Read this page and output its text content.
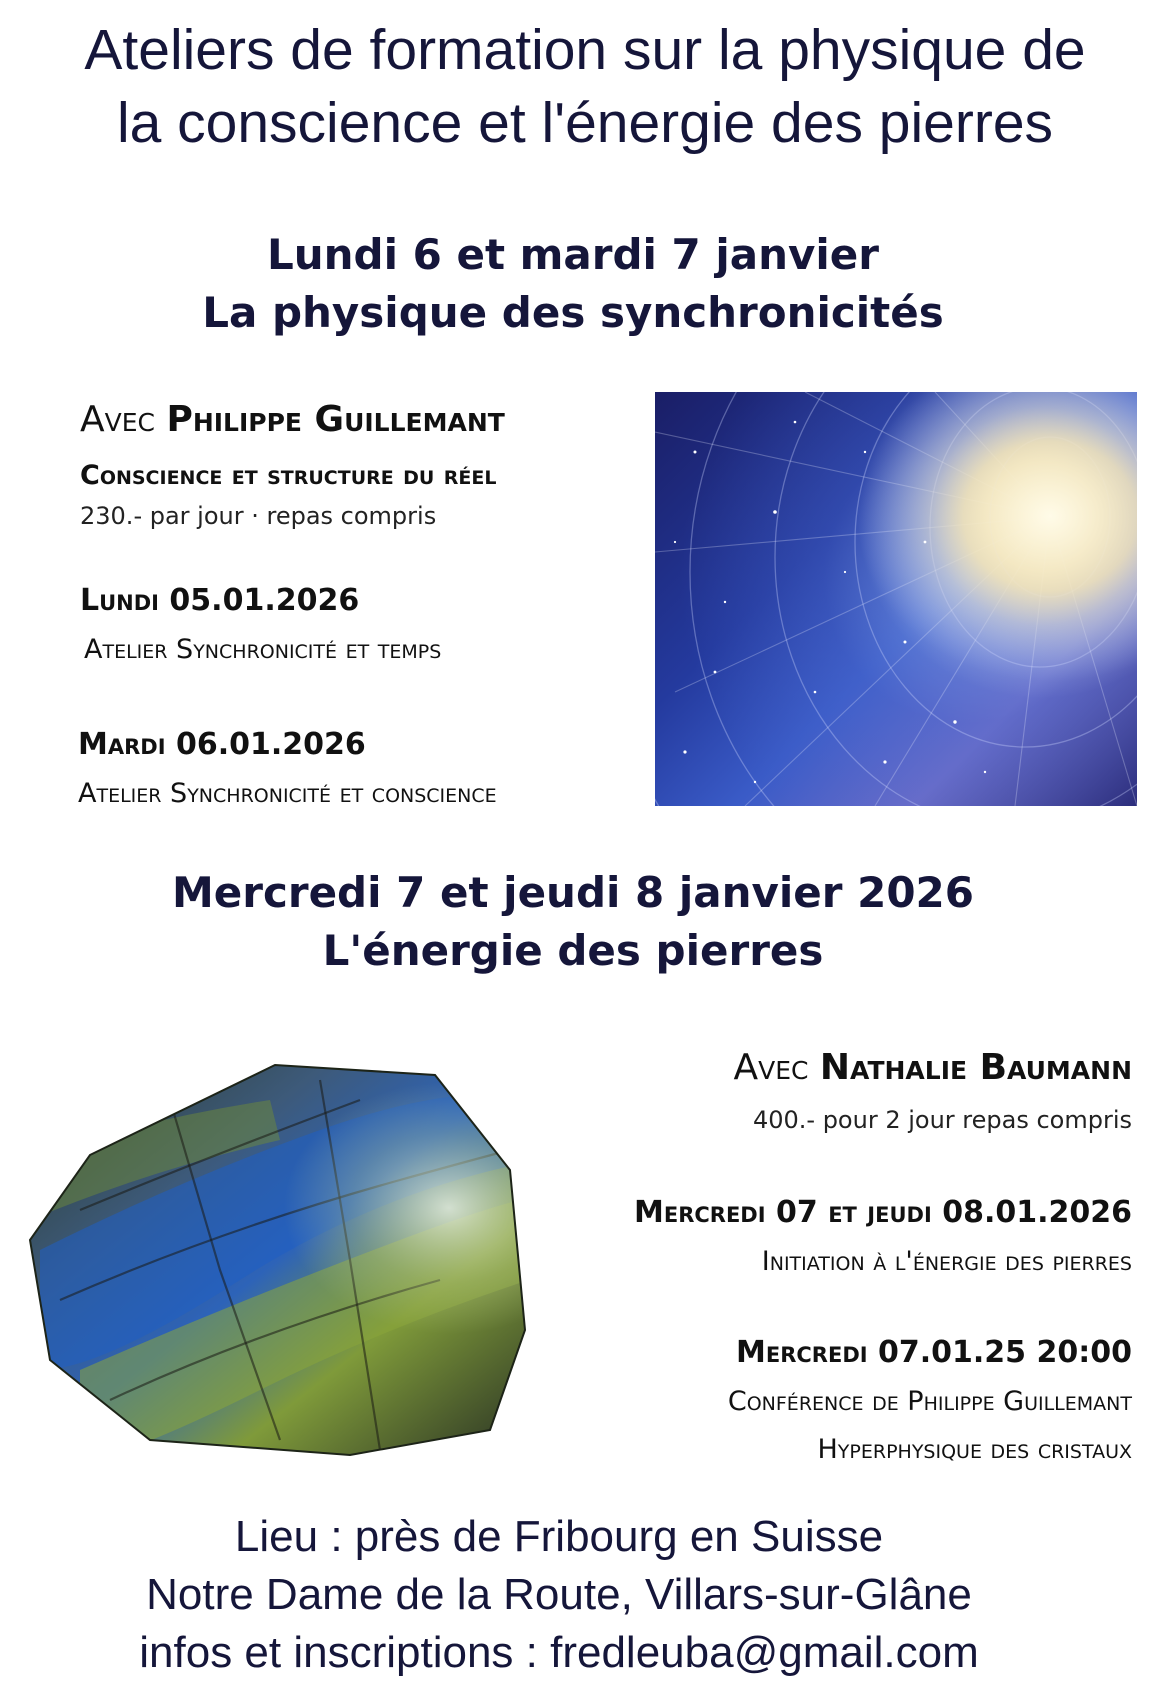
Ateliers de formation sur la physique de
la conscience et l'énergie des pierres
Lundi 6 et mardi 7 janvier
La physique des synchronicités
Avec Philippe Guillemant
Conscience et structure du réel
230.- par jour · repas compris
Lundi 05.01.2026
Atelier Synchronicité et temps
Mardi 06.01.2026
Atelier Synchronicité et conscience
Mercredi 7 et jeudi 8 janvier 2026
L'énergie des pierres
Avec Nathalie Baumann
400.- pour 2 jour repas compris
Mercredi 07 et jeudi 08.01.2026
Initiation à l'énergie des pierres
Mercredi 07.01.25 20:00
Conférence de Philippe Guillemant
Hyperphysique des cristaux
Lieu : près de Fribourg en Suisse
Notre Dame de la Route, Villars-sur-Glâne
infos et inscriptions : fredleuba@gmail.com
